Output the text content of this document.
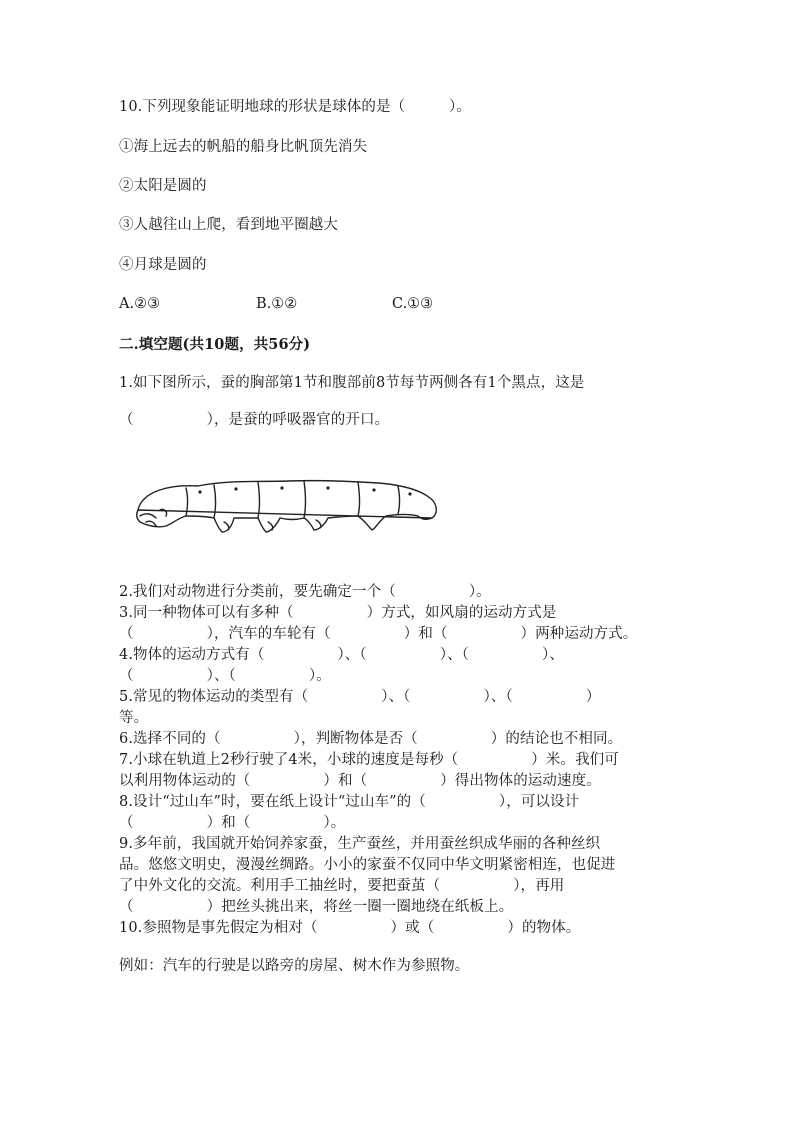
10.下列现象能证明地球的形状是球体的是（　　　）。
①海上远去的帆船的船身比帆顶先消失
②太阳是圆的
③人越往山上爬，看到地平圈越大
④月球是圆的
A.②③	B.①②	C.①③
二.填空题(共10题，共56分)
1.如下图所示，蚕的胸部第1节和腹部前8节每节两侧各有1个黑点，这是
（　　　　　），是蚕的呼吸器官的开口。
2.我们对动物进行分类前，要先确定一个（　　　　　）。
3.同一种物体可以有多种（　　　　　）方式，如风扇的运动方式是
（　　　　　），汽车的车轮有（　　　　　）和（　　　　　）两种运动方式。
4.物体的运动方式有（　　　　　）、（　　　　　）、（　　　　　）、
（　　　　　）、（　　　　　）。
5.常见的物体运动的类型有（　　　　　）、（　　　　　）、（　　　　　）
等。
6.选择不同的（　　　　　），判断物体是否（　　　　　）的结论也不相同。
7.小球在轨道上2秒行驶了4米，小球的速度是每秒（　　　　　）米。我们可
以利用物体运动的（　　　　　）和（　　　　　）得出物体的运动速度。
8.设计“过山车”时，要在纸上设计“过山车”的（　　　　　），可以设计
（　　　　　）和（　　　　　）。
9.多年前，我国就开始饲养家蚕，生产蚕丝，并用蚕丝织成华丽的各种丝织
品。悠悠文明史，漫漫丝绸路。小小的家蚕不仅同中华文明紧密相连，也促进
了中外文化的交流。利用手工抽丝时，要把蚕茧（　　　　　），再用
（　　　　　）把丝头挑出来，将丝一圈一圈地绕在纸板上。
10.参照物是事先假定为相对（　　　　　）或（　　　　　）的物体。
例如：汽车的行驶是以路旁的房屋、树木作为参照物。
